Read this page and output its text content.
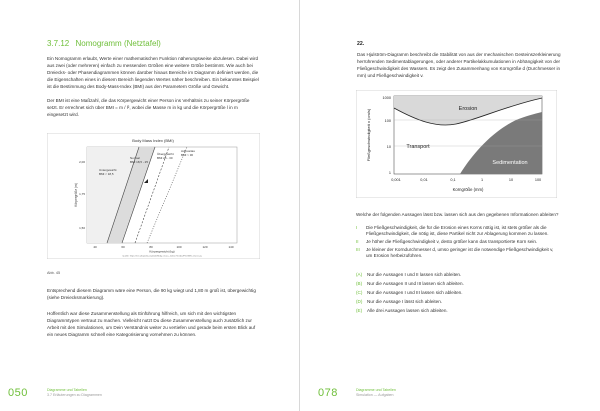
3.7.12 Nomogramm (Netztafel)
Ein Nomogramm erlaubt, Werte einer mathematischen Funktion näherungsweise abzulesen. Dabei wird aus zwei (oder mehreren) einfach zu messenden Größen eine weitere Größe bestimmt. Wie auch bei Dreiecks- oder Phasendiagrammen können darüber hinaus Bereiche im Diagramm definiert werden, die die Eigenschaften eines in diesem Bereich liegenden Wertes näher beschreiben. Ein bekanntes Beispiel ist die Bestimmung des Body-Mass-Index (BMI) aus den Parametern Größe und Gewicht.
Der BMI ist eine Maßzahl, die das Körpergewicht einer Person ins Verhältnis zu seiner Körpergröße setzt. Er errechnet sich über BMI = m / l², wobei die Masse m in kg und die Körpergröße l in m eingesetzt wird.
Body Mass Index (BMI)
Untergewicht
BMI < 18,5
Normal
BMI 18,5 - 25
Übergewicht
BMI 25 - 30
Adipositas
BMI > 30
Körpergröße (m)
2,00
1,75
1,50
40	60	80	100	120	140
Körpergewicht (kg)
Quelle: https://en.wikipedia.org/wiki/Body_mass_index#/media/File:BMI_chart.svg
Abb. 45
Entsprechend diesem Diagramm wäre eine Person, die 90 kg wiegt und 1,80 m groß ist, übergewichtig (siehe Dreiecksmarkierung).
Hoffentlich war diese Zusammenstellung als Einführung hilfreich, um sich mit den wichtigsten Diagrammtypen vertraut zu machen. Vielleicht nutzt Du diese Zusammenstellung auch zusätzlich zur Arbeit mit den Simulationen, um Dein Verständnis weiter zu vertiefen und gerade beim ersten Blick auf ein neues Diagramm schnell eine Kategorisierung vornehmen zu können.
050	Diagramme und Tabellen
3.7 Erläuterungen zu Diagrammen
22.
Das Hjulström-Diagramm beschreibt die Stabilität von aus der mechanischen Gesteinszerkleinerung herrührenden Sedimentablagerungen, oder anderer Partikelakkumulationen in Abhängigkeit von der Fließgeschwindigkeit des Wassers. Es zeigt den Zusammenhang von Korngröße d (Durchmesser in mm) und Fließgeschwindigkeit v.
Erosion
Transport
Sedimentation
Fließgeschwindigkeit v (cm/s)
1000
100
10
1
0,001	0,01	0,1	1	10	100
Korngröße (mm)
Welche der folgenden Aussagen lässt bzw. lassen sich aus den gegebenen Informationen ableiten?
I Die Fließgeschwindigkeit, die für die Erosion eines Korns nötig ist, ist stets größer als die
Fließgeschwindigkeit, die nötig ist, diese Partikel nicht zur Ablagerung kommen zu lassen.
II Je höher die Fließgeschwindigkeit v, desto größer kann das transportierte Korn sein.
III Je kleiner der Korndurchmesser d, umso geringer ist die notwendige Fließgeschwindigkeit v,
um Erosion herbeizuführen.
(A) Nur die Aussagen I und II lassen sich ableiten.
(B) Nur die Aussagen II und III lassen sich ableiten.
(C) Nur die Aussagen I und III lassen sich ableiten.
(D) Nur die Aussage I lässt sich ableiten.
(E) Alle drei Aussagen lassen sich ableiten.
078	Diagramme und Tabellen
Simulation — Aufgaben
